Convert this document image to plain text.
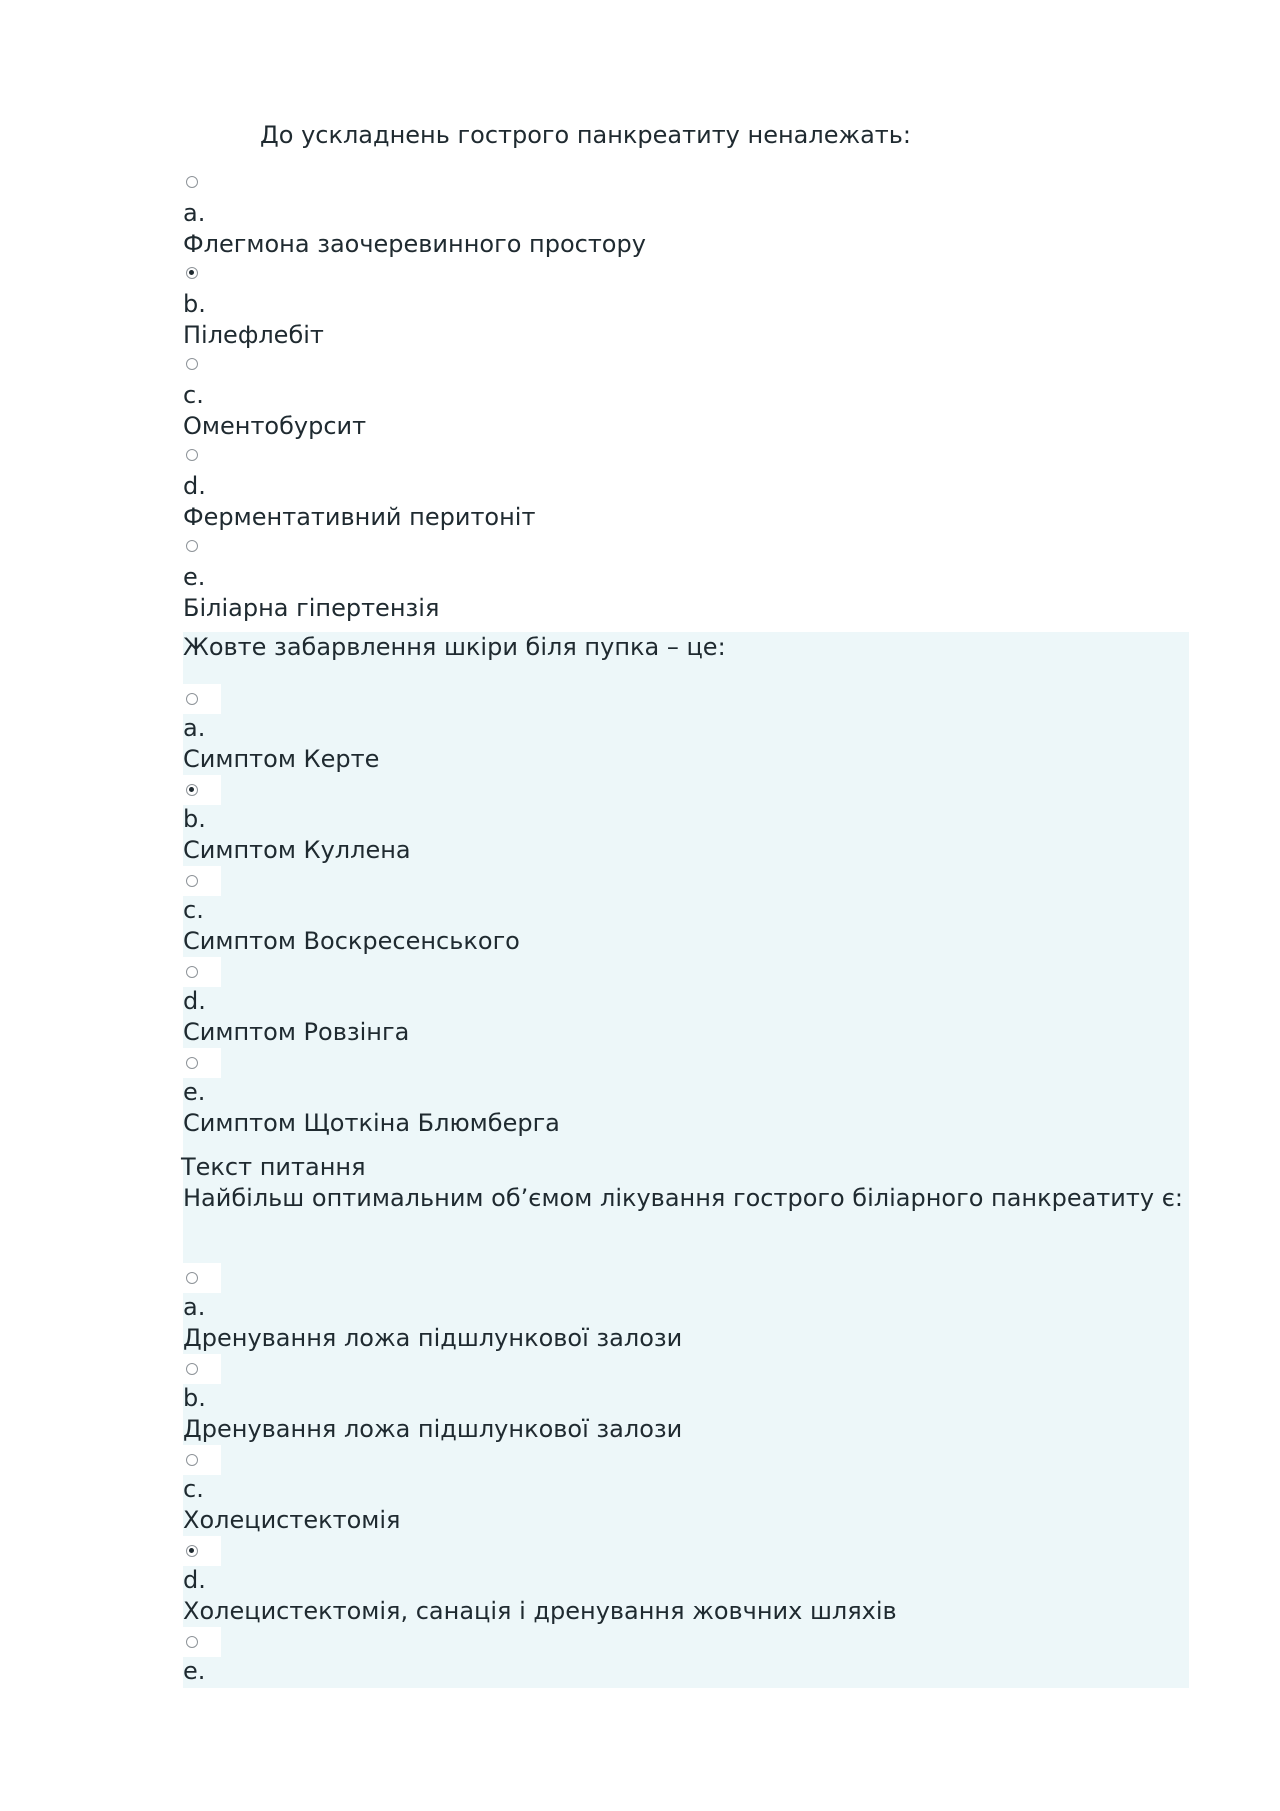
До ускладнень гострого панкреатиту неналежать:
a.
Флегмона заочеревинного простору
b.
Пілефлебіт
c.
Оментобурсит
d.
Ферментативний перитоніт
e.
Біліарна гіпертензія
Жовте забарвлення шкіри біля пупка – це:
a.
Симптом Керте
b.
Симптом Куллена
c.
Симптом Воскресенського
d.
Симптом Ровзінга
e.
Симптом Щоткіна Блюмберга
Текст питання
Найбільш оптимальним об’ємом лікування гострого біліарного панкреатиту є:
a.
Дренування ложа підшлункової залози
b.
Дренування ложа підшлункової залози
c.
Холецистектомія
d.
Холецистектомія, санація і дренування жовчних шляхів
e.
